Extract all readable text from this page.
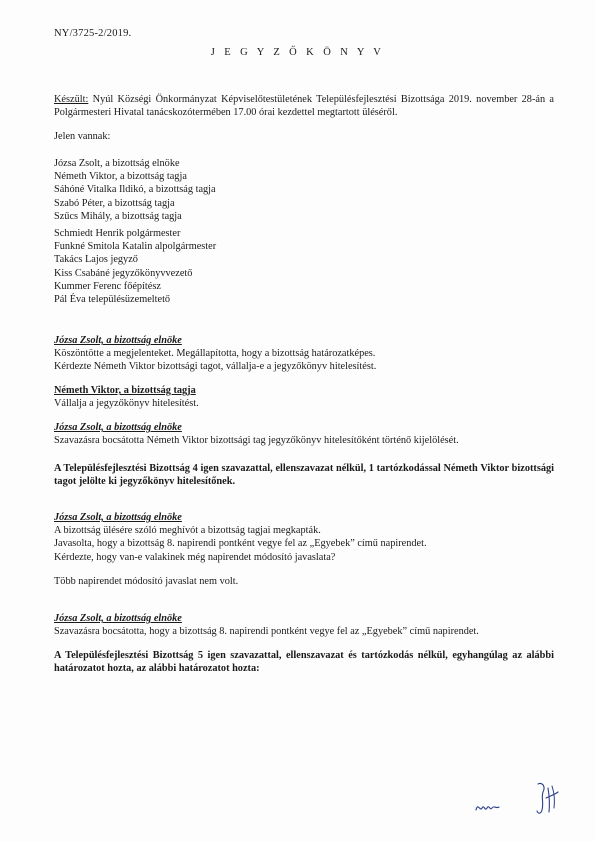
NY/3725-2/2019.
J E G Y Z Ő K Ö N Y V
Készült: Nyúl Községi Önkormányzat Képviselőtestületének Településfejlesztési Bizottsága 2019. november 28-án a Polgármesteri Hivatal tanácskozótermében 17.00 órai kezdettel megtartott üléséről.
Jelen vannak:
Józsa Zsolt, a bizottság elnöke
Németh Viktor, a bizottság tagja
Sáhóné Vitalka Ildikó, a bizottság tagja
Szabó Péter, a bizottság tagja
Szűcs Mihály, a bizottság tagja
Schmiedt Henrik polgármester
Funkné Smitola Katalin alpolgármester
Takács Lajos jegyző
Kiss Csabáné jegyzőkönyvvezető
Kummer Ferenc főépítész
Pál Éva településüzemeltető
Józsa Zsolt, a bizottság elnöke
Köszöntötte a megjelenteket. Megállapította, hogy a bizottság határozatképes.
Kérdezte Németh Viktor bizottsági tagot, vállalja-e a jegyzőkönyv hitelesítést.
Németh Viktor, a bizottság tagja
Vállalja a jegyzőkönyv hitelesítést.
Józsa Zsolt, a bizottság elnöke
Szavazásra bocsátotta Németh Viktor bizottsági tag jegyzőkönyv hitelesítőként történő kijelölését.
A Településfejlesztési Bizottság 4 igen szavazattal, ellenszavazat nélkül, 1 tartózkodással Németh Viktor bizottsági tagot jelölte ki jegyzőkönyv hitelesítőnek.
Józsa Zsolt, a bizottság elnöke
A bizottság ülésére szóló meghívót a bizottság tagjai megkapták.
Javasolta, hogy a bizottság 8. napirendi pontként vegye fel az „Egyebek” című napirendet.
Kérdezte, hogy van-e valakinek még napirendet módosító javaslata?
Több napirendet módosító javaslat nem volt.
Józsa Zsolt, a bizottság elnöke
Szavazásra bocsátotta, hogy a bizottság 8. napirendi pontként vegye fel az „Egyebek” című napirendet.
A Településfejlesztési Bizottság 5 igen szavazattal, ellenszavazat és tartózkodás nélkül, egyhangúlag az alábbi határozatot hozta, az alábbi határozatot hozta:
